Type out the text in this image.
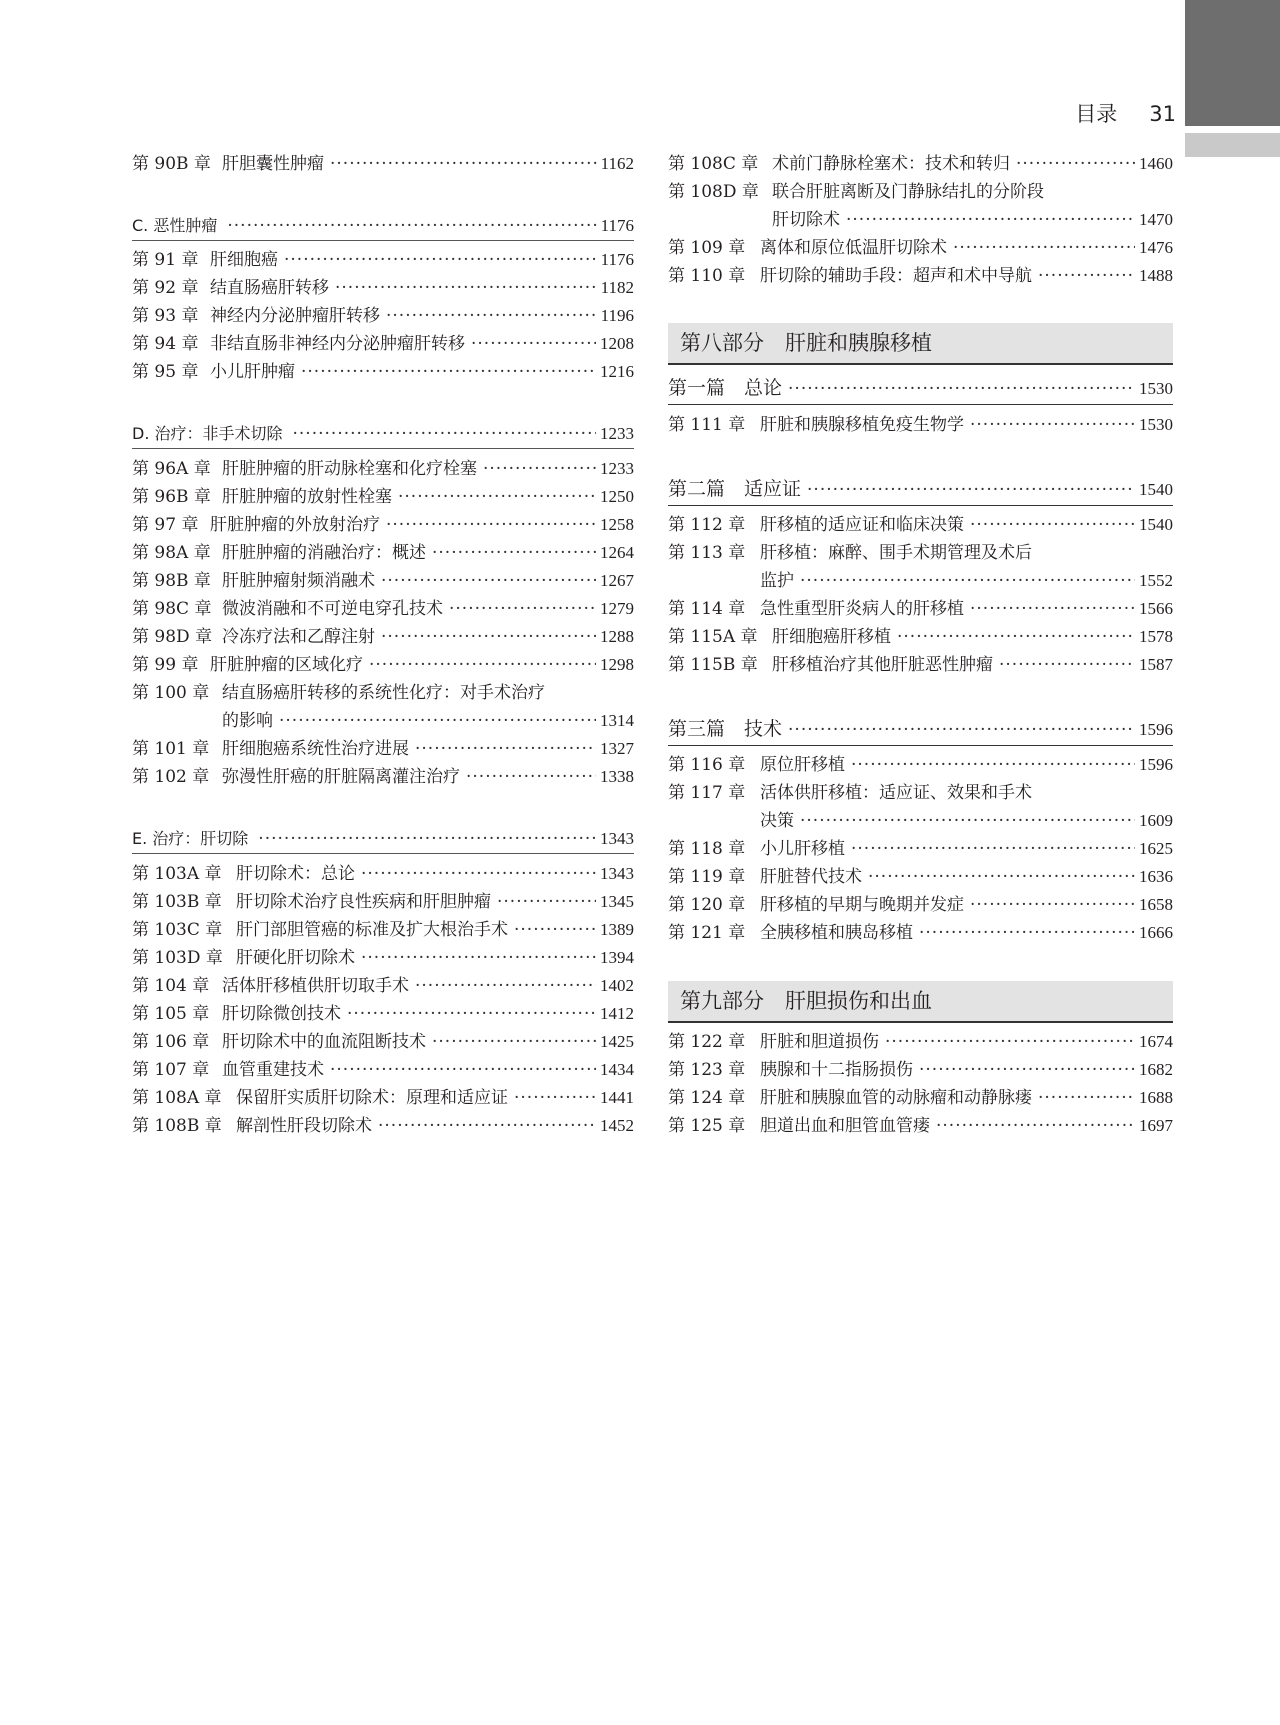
目录 31
第 90B 章 肝胆囊性肿瘤 ·····	1162
C. 恶性肿瘤 ·····	1176
第 91 章 肝细胞癌 ·····	1176
第 92 章 结直肠癌肝转移 ·····	1182
第 93 章 神经内分泌肿瘤肝转移 ·····	1196
第 94 章 非结直肠非神经内分泌肿瘤肝转移 ·····	1208
第 95 章 小儿肝肿瘤 ·····	1216
D. 治疗：非手术切除 ·····	1233
第 96A 章 肝脏肿瘤的肝动脉栓塞和化疗栓塞 ·····	1233
第 96B 章 肝脏肿瘤的放射性栓塞 ·····	1250
第 97 章 肝脏肿瘤的外放射治疗 ·····	1258
第 98A 章 肝脏肿瘤的消融治疗：概述 ·····	1264
第 98B 章 肝脏肿瘤射频消融术 ·····	1267
第 98C 章 微波消融和不可逆电穿孔技术 ·····	1279
第 98D 章 冷冻疗法和乙醇注射 ·····	1288
第 99 章 肝脏肿瘤的区域化疗 ·····	1298
第 100 章 结直肠癌肝转移的系统性化疗：对手术治疗
的影响 ·····	1314
第 101 章 肝细胞癌系统性治疗进展 ·····	1327
第 102 章 弥漫性肝癌的肝脏隔离灌注治疗 ·····	1338
E. 治疗：肝切除 ·····	1343
第 103A 章 肝切除术：总论 ·····	1343
第 103B 章 肝切除术治疗良性疾病和肝胆肿瘤 ·····	1345
第 103C 章 肝门部胆管癌的标准及扩大根治手术 ·····	1389
第 103D 章 肝硬化肝切除术 ·····	1394
第 104 章 活体肝移植供肝切取手术 ·····	1402
第 105 章 肝切除微创技术 ·····	1412
第 106 章 肝切除术中的血流阻断技术 ·····	1425
第 107 章 血管重建技术 ·····	1434
第 108A 章 保留肝实质肝切除术：原理和适应证 ·····	1441
第 108B 章 解剖性肝段切除术 ·····	1452
第 108C 章 术前门静脉栓塞术：技术和转归 ·····	1460
第 108D 章 联合肝脏离断及门静脉结扎的分阶段
肝切除术 ·····	1470
第 109 章 离体和原位低温肝切除术 ·····	1476
第 110 章 肝切除的辅助手段：超声和术中导航 ·····	1488
第八部分　肝脏和胰腺移植
第一篇　总论 ·····	1530
第 111 章 肝脏和胰腺移植免疫生物学 ·····	1530
第二篇　适应证 ·····	1540
第 112 章 肝移植的适应证和临床决策 ·····	1540
第 113 章 肝移植：麻醉、围手术期管理及术后
监护 ·····	1552
第 114 章 急性重型肝炎病人的肝移植 ·····	1566
第 115A 章 肝细胞癌肝移植 ·····	1578
第 115B 章 肝移植治疗其他肝脏恶性肿瘤 ·····	1587
第三篇　技术 ·····	1596
第 116 章 原位肝移植 ·····	1596
第 117 章 活体供肝移植：适应证、效果和手术
决策 ·····	1609
第 118 章 小儿肝移植 ·····	1625
第 119 章 肝脏替代技术 ·····	1636
第 120 章 肝移植的早期与晚期并发症 ·····	1658
第 121 章 全胰移植和胰岛移植 ·····	1666
第九部分　肝胆损伤和出血
第 122 章 肝脏和胆道损伤 ·····	1674
第 123 章 胰腺和十二指肠损伤 ·····	1682
第 124 章 肝脏和胰腺血管的动脉瘤和动静脉瘘 ·····	1688
第 125 章 胆道出血和胆管血管瘘 ·····	1697
